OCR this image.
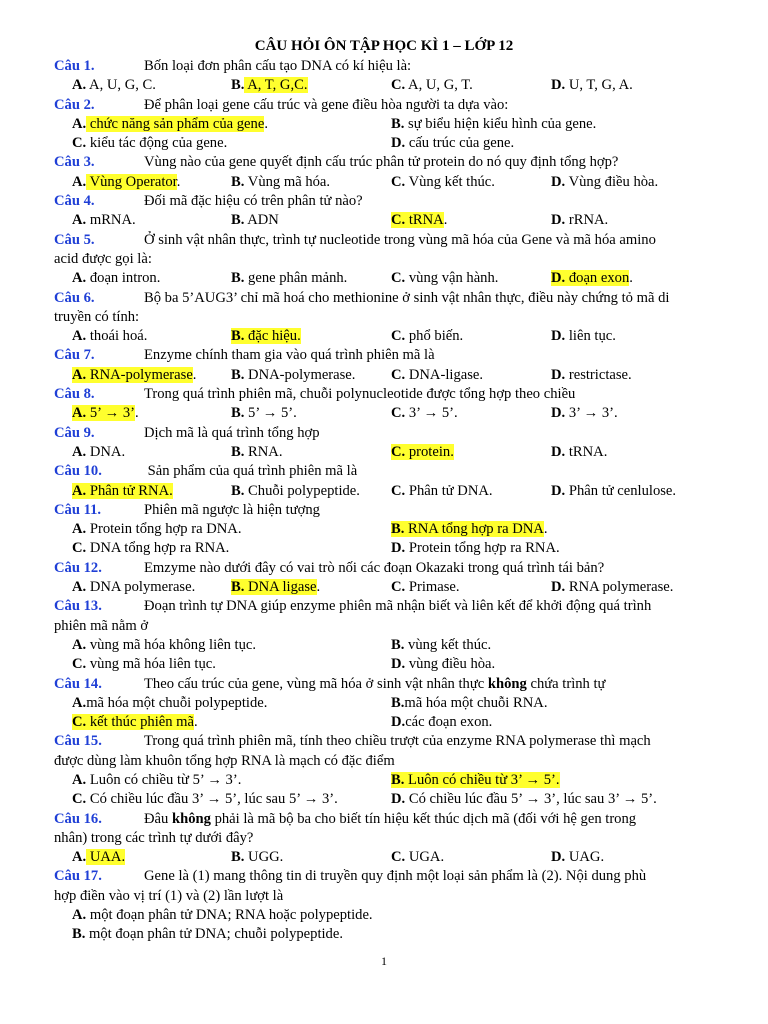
CÂU HỎI ÔN TẬP HỌC KÌ 1 – LỚP 12
Câu 1.	Bốn loại đơn phân cấu tạo DNA có kí hiệu là:
A. A, U, G, C.	B. A, T, G,C.	C. A, U, G, T.	D. U, T, G, A.
Câu 2.	Để phân loại gene cấu trúc và gene điều hòa người ta dựa vào:
A. chức năng sản phẩm của gene.	B. sự biểu hiện kiểu hình của gene.
C. kiểu tác động của gene.	D. cấu trúc của gene.
Câu 3.	Vùng nào của gene quyết định cấu trúc phân tử protein do nó quy định tổng hợp?
A. Vùng Operator.	B. Vùng mã hóa.	C. Vùng kết thúc.	D. Vùng điều hòa.
Câu 4.	Đối mã đặc hiệu có trên phân tử nào?
A. mRNA.	B. ADN	C. tRNA.	D. rRNA.
Câu 5.	Ở sinh vật nhân thực, trình tự nucleotide trong vùng mã hóa của Gene và mã hóa amino
acid được gọi là:
A. đoạn intron.	B. gene phân mảnh.	C. vùng vận hành.	D. đoạn exon.
Câu 6.	Bộ ba 5’AUG3’ chỉ mã hoá cho methionine ở sinh vật nhân thực, điều này chứng tỏ mã di
truyền có tính:
A. thoái hoá.	B. đặc hiệu.	C. phổ biến.	D. liên tục.
Câu 7.	Enzyme chính tham gia vào quá trình phiên mã là
A. RNA-polymerase. B. DNA-polymerase. C. DNA-ligase.	D. restrictase.
Câu 8.	Trong quá trình phiên mã, chuỗi polynucleotide được tổng hợp theo chiều
A. 5’ → 3’.	B. 5’ → 5’.	C. 3’ → 5’.	D. 3’ → 3’.
Câu 9.	Dịch mã là quá trình tổng hợp
A. DNA.	B. RNA.	C. protein.	D. tRNA.
Câu 10.	Sản phẩm của quá trình phiên mã là
A. Phân tử RNA.	B. Chuỗi polypeptide. C. Phân tử DNA.	D. Phân tử cenlulose.
Câu 11.	Phiên mã ngược là hiện tượng
A. Protein tổng hợp ra DNA.	B. RNA tổng hợp ra DNA.
C. DNA tổng hợp ra RNA.	D. Protein tổng hợp ra RNA.
Câu 12.	Emzyme nào dưới đây có vai trò nối các đoạn Okazaki trong quá trình tái bản?
A. DNA polymerase. B. DNA ligase.	C. Primase.	D. RNA polymerase.
Câu 13.	Đoạn trình tự DNA giúp enzyme phiên mã nhận biết và liên kết để khởi động quá trình
phiên mã nằm ở
A. vùng mã hóa không liên tục.	B. vùng kết thúc.
C. vùng mã hóa liên tục.	D. vùng điều hòa.
Câu 14.	Theo cấu trúc của gene, vùng mã hóa ở sinh vật nhân thực không chứa trình tự
A.mã hóa một chuỗi polypeptide.	B.mã hóa một chuỗi RNA.
C. kết thúc phiên mã.	D.các đoạn exon.
Câu 15.	Trong quá trình phiên mã, tính theo chiều trượt của enzyme RNA polymerase thì mạch
được dùng làm khuôn tổng hợp RNA là mạch có đặc điểm
A. Luôn có chiều từ 5’ → 3’.	B. Luôn có chiều từ 3’ → 5’.
C. Có chiều lúc đầu 3’ → 5’, lúc sau 5’ → 3’.	D. Có chiều lúc đầu 5’ → 3’, lúc sau 3’ → 5’.
Câu 16.	Đâu không phải là mã bộ ba cho biết tín hiệu kết thúc dịch mã (đối với hệ gen trong
nhân) trong các trình tự dưới đây?
A. UAA.	B. UGG.	C. UGA.	D. UAG.
Câu 17.	Gene là (1) mang thông tin di truyền quy định một loại sản phẩm là (2). Nội dung phù
hợp điền vào vị trí (1) và (2) lần lượt là
A. một đoạn phân tử DNA; RNA hoặc polypeptide.
B. một đoạn phân tử DNA; chuỗi polypeptide.
1
